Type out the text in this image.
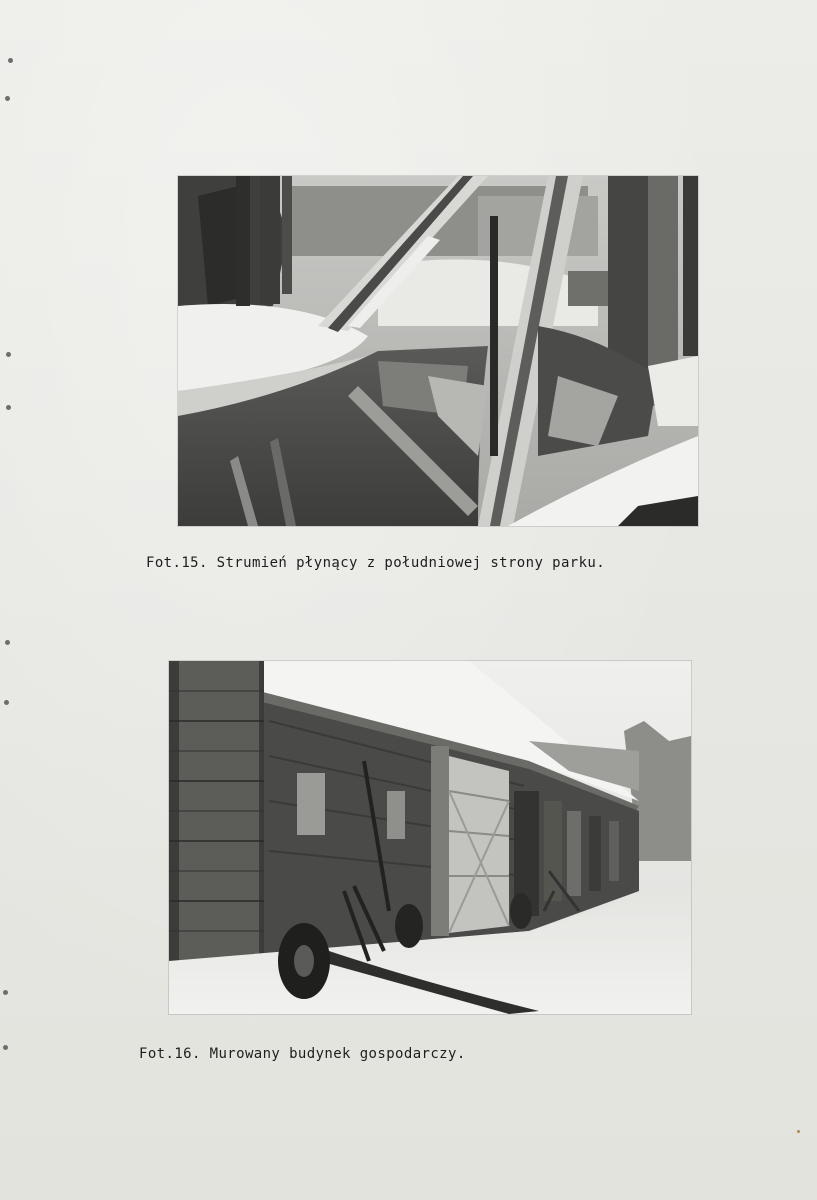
Fot.15. Strumień płynący z południowej strony parku.
Fot.16. Murowany budynek gospodarczy.
